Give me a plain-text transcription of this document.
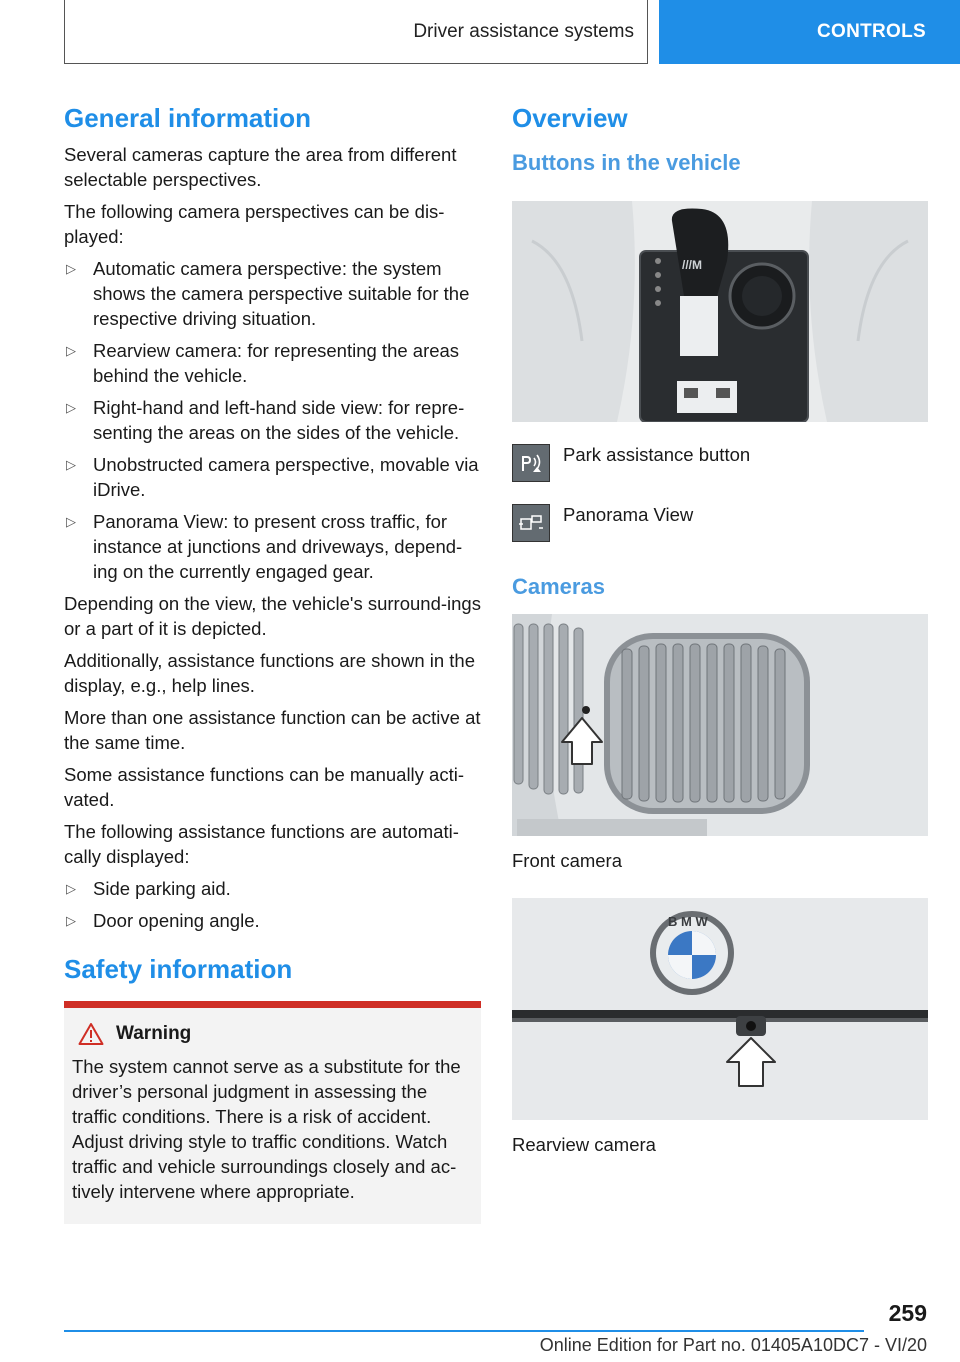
Driver assistance systems	CONTROLS
General information

Several cameras capture the area from different selectable perspectives.

The following camera perspectives can be dis-played:

▷ Automatic camera perspective: the system shows the camera perspective suitable for the respective driving situation.
▷ Rearview camera: for representing the areas behind the vehicle.
▷ Right-hand and left-hand side view: for repre-senting the areas on the sides of the vehicle.
▷ Unobstructed camera perspective, movable via iDrive.
▷ Panorama View: to present cross traffic, for instance at junctions and driveways, depend-ing on the currently engaged gear.

Depending on the view, the vehicle's surround-ings or a part of it is depicted.

Additionally, assistance functions are shown in the display, e.g., help lines.

More than one assistance function can be active at the same time.

Some assistance functions can be manually acti-vated.

The following assistance functions are automati-cally displayed:

▷ Side parking aid.
▷ Door opening angle.
Safety information
Warning

The system cannot serve as a substitute for the driver’s personal judgment in assessing the traffic conditions. There is a risk of accident. Adjust driving style to traffic conditions. Watch traffic and vehicle surroundings closely and ac-tively intervene where appropriate.

Overview
Buttons in the vehicle
///M
Park assistance button
Panorama View
Cameras
Front camera
B M W
Rearview camera
259
Online Edition for Part no. 01405A10DC7 - VI/20
